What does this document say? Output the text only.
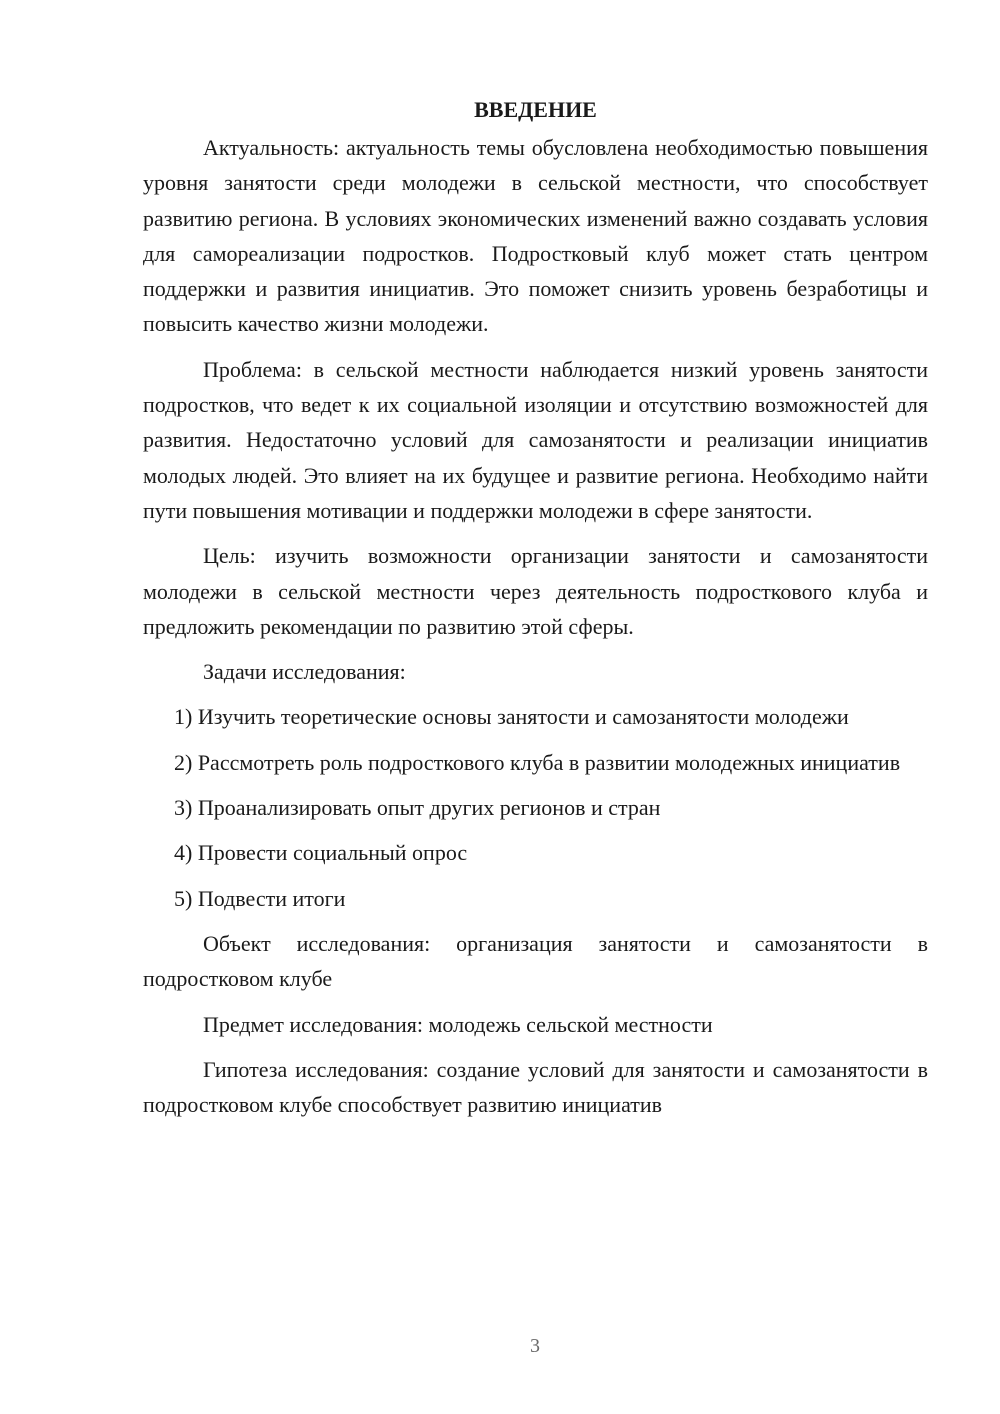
ВВЕДЕНИЕ

Актуальность: актуальность темы обусловлена необходимостью повышения уровня занятости среди молодежи в сельской местности, что способствует развитию региона. В условиях экономических изменений важно создавать условия для самореализации подростков. Подростковый клуб может стать центром поддержки и развития инициатив. Это поможет снизить уровень безработицы и повысить качество жизни молодежи.

Проблема: в сельской местности наблюдается низкий уровень занятости подростков, что ведет к их социальной изоляции и отсутствию возможностей для развития. Недостаточно условий для самозанятости и реализации инициатив молодых людей. Это влияет на их будущее и развитие региона. Необходимо найти пути повышения мотивации и поддержки молодежи в сфере занятости.

Цель: изучить возможности организации занятости и самозанятости молодежи в сельской местности через деятельность подросткового клуба и предложить рекомендации по развитию этой сферы.

Задачи исследования:

1) Изучить теоретические основы занятости и самозанятости молодежи

2) Рассмотреть роль подросткового клуба в развитии молодежных инициатив

3) Проанализировать опыт других регионов и стран

4) Провести социальный опрос

5) Подвести итоги

Объект исследования: организация занятости и самозанятости в подростковом клубе

Предмет исследования: молодежь сельской местности

Гипотеза исследования: создание условий для занятости и самозанятости в подростковом клубе способствует развитию инициатив

3
